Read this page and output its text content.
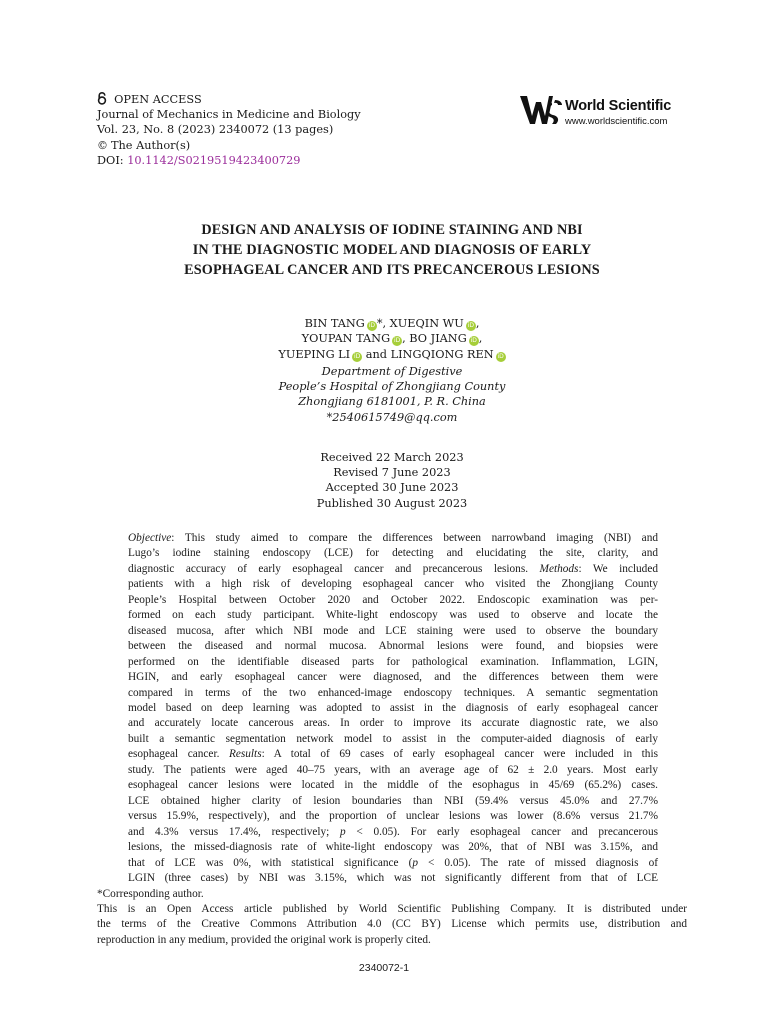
OPEN ACCESS
Journal of Mechanics in Medicine and Biology
Vol. 23, No. 8 (2023) 2340072 (13 pages)
© The Author(s)
DOI: 10.1142/S0219519423400729
World Scientific
www.worldscientific.com
DESIGN AND ANALYSIS OF IODINE STAINING AND NBI
IN THE DIAGNOSTIC MODEL AND DIAGNOSIS OF EARLY
ESOPHAGEAL CANCER AND ITS PRECANCEROUS LESIONS
BIN TANG iD *, XUEQIN WU iD ,
YOUPAN TANG iD , BO JIANG iD ,
YUEPING LI iD and LINGQIONG REN iD
Department of Digestive
People’s Hospital of Zhongjiang County
Zhongjiang 6181001, P. R. China
*2540615749@qq.com
Received 22 March 2023
Revised 7 June 2023
Accepted 30 June 2023
Published 30 August 2023
Objective: This study aimed to compare the differences between narrowband imaging (NBI) and
Lugo’s iodine staining endoscopy (LCE) for detecting and elucidating the site, clarity, and
diagnostic accuracy of early esophageal cancer and precancerous lesions. Methods: We included
patients with a high risk of developing esophageal cancer who visited the Zhongjiang County
People’s Hospital between October 2020 and October 2022. Endoscopic examination was per-
formed on each study participant. White-light endoscopy was used to observe and locate the
diseased mucosa, after which NBI mode and LCE staining were used to observe the boundary
between the diseased and normal mucosa. Abnormal lesions were found, and biopsies were
performed on the identifiable diseased parts for pathological examination. Inflammation, LGIN,
HGIN, and early esophageal cancer were diagnosed, and the differences between them were
compared in terms of the two enhanced-image endoscopy techniques. A semantic segmentation
model based on deep learning was adopted to assist in the diagnosis of early esophageal cancer
and accurately locate cancerous areas. In order to improve its accurate diagnostic rate, we also
built a semantic segmentation network model to assist in the computer-aided diagnosis of early
esophageal cancer. Results: A total of 69 cases of early esophageal cancer were included in this
study. The patients were aged 40–75 years, with an average age of 62 ± 2.0 years. Most early
esophageal cancer lesions were located in the middle of the esophagus in 45/69 (65.2%) cases.
LCE obtained higher clarity of lesion boundaries than NBI (59.4% versus 45.0% and 27.7%
versus 15.9%, respectively), and the proportion of unclear lesions was lower (8.6% versus 21.7%
and 4.3% versus 17.4%, respectively; p < 0.05). For early esophageal cancer and precancerous
lesions, the missed-diagnosis rate of white-light endoscopy was 20%, that of NBI was 3.15%, and
that of LCE was 0%, with statistical significance (p < 0.05). The rate of missed diagnosis of
LGIN (three cases) by NBI was 3.15%, which was not significantly different from that of LCE
*Corresponding author.
This is an Open Access article published by World Scientific Publishing Company. It is distributed under
the terms of the Creative Commons Attribution 4.0 (CC BY) License which permits use, distribution and
reproduction in any medium, provided the original work is properly cited.
2340072-1
